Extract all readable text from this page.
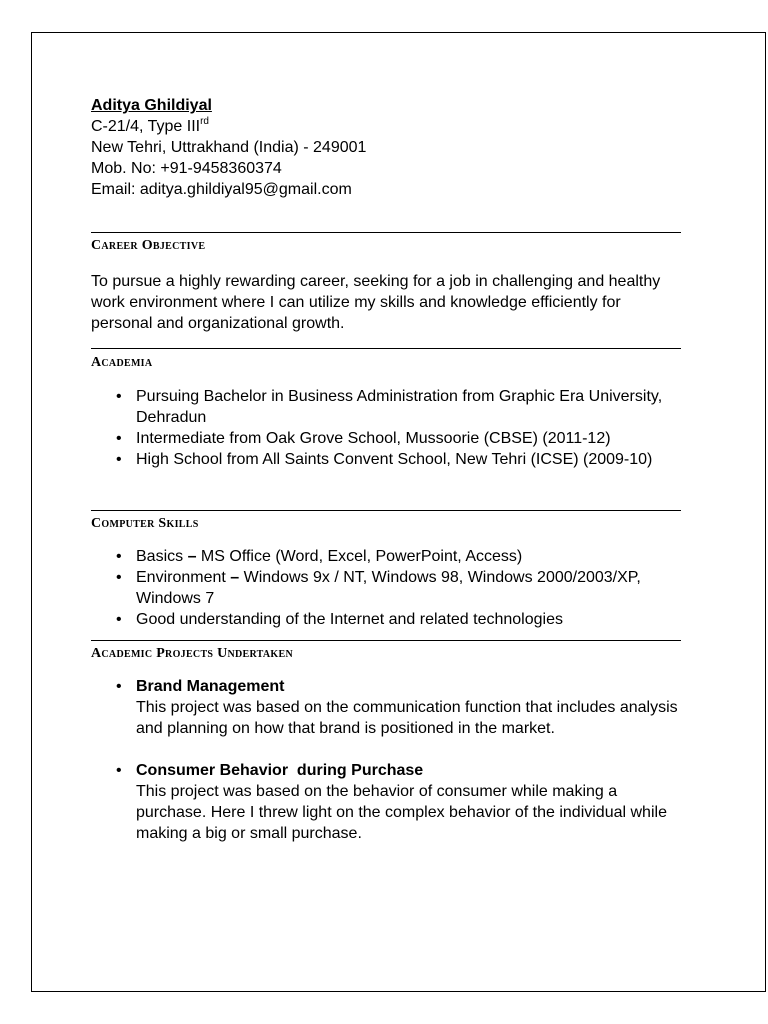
Aditya Ghildiyal
C-21/4, Type IIIrd
New Tehri, Uttrakhand (India) - 249001
Mob. No: +91-9458360374
Email: aditya.ghildiyal95@gmail.com
Career Objective
To pursue a highly rewarding career, seeking for a job in challenging and healthy work environment where I can utilize my skills and knowledge efficiently for personal and organizational growth.
Academia
• Pursuing Bachelor in Business Administration from Graphic Era University, Dehradun
• Intermediate from Oak Grove School, Mussoorie (CBSE) (2011-12)
• High School from All Saints Convent School, New Tehri (ICSE) (2009-10)
Computer Skills
• Basics – MS Office (Word, Excel, PowerPoint, Access)
• Environment – Windows 9x / NT, Windows 98, Windows 2000/2003/XP, Windows 7
• Good understanding of the Internet and related technologies
Academic Projects Undertaken
• Brand Management
This project was based on the communication function that includes analysis and planning on how that brand is positioned in the market.
• Consumer Behavior  during Purchase
This project was based on the behavior of consumer while making a purchase. Here I threw light on the complex behavior of the individual while making a big or small purchase.
